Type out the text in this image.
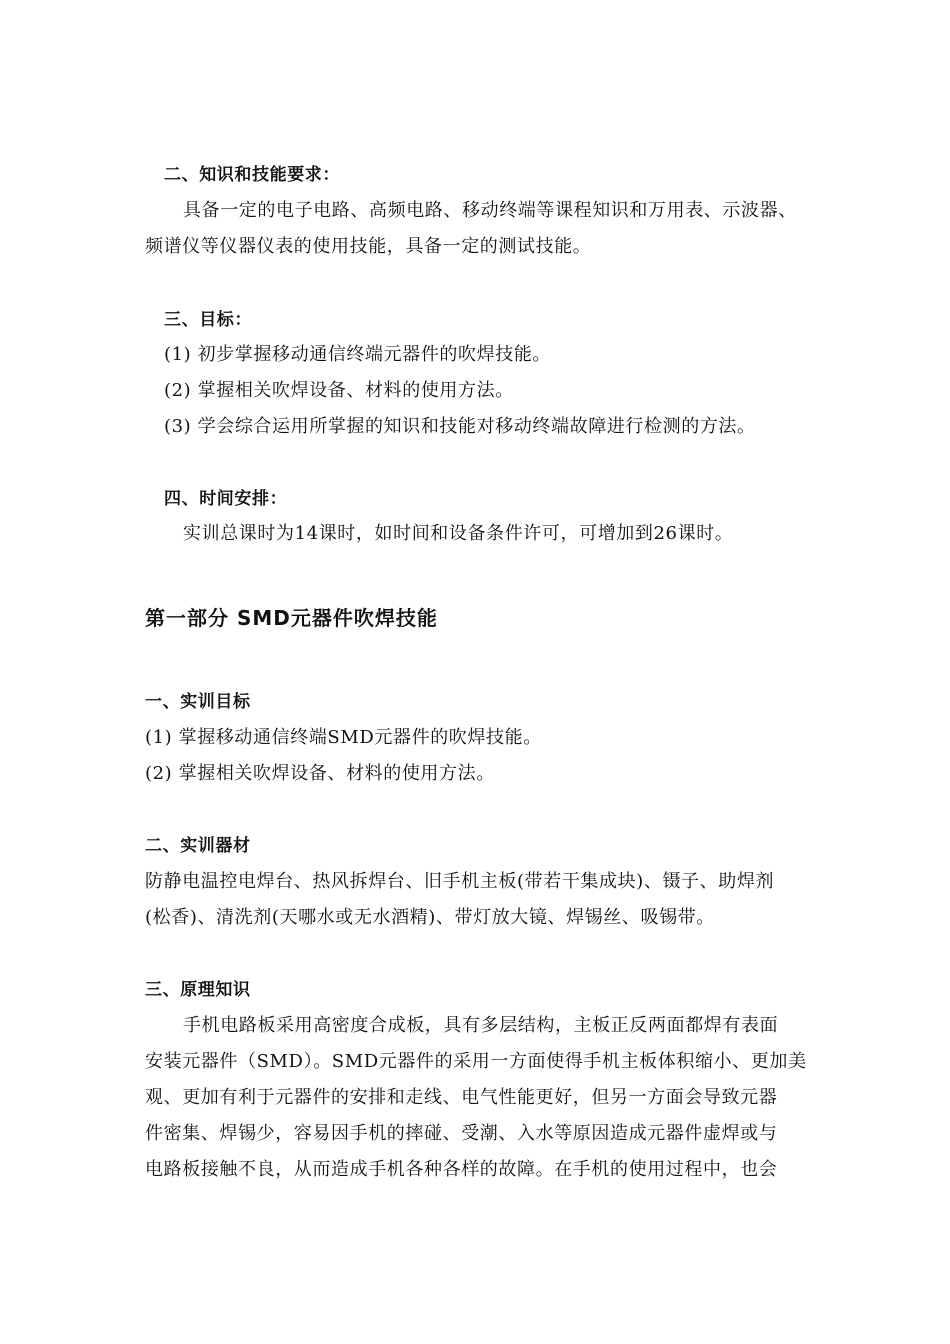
二、知识和技能要求：
具备一定的电子电路、高频电路、移动终端等课程知识和万用表、示波器、
频谱仪等仪器仪表的使用技能，具备一定的测试技能。
三、目标：
(1) 初步掌握移动通信终端元器件的吹焊技能。
(2) 掌握相关吹焊设备、材料的使用方法。
(3) 学会综合运用所掌握的知识和技能对移动终端故障进行检测的方法。
四、时间安排：
实训总课时为14课时，如时间和设备条件许可，可增加到26课时。
第一部分 SMD元器件吹焊技能
一、实训目标
(1) 掌握移动通信终端SMD元器件的吹焊技能。
(2) 掌握相关吹焊设备、材料的使用方法。
二、实训器材
防静电温控电焊台、热风拆焊台、旧手机主板(带若干集成块)、镊子、助焊剂
(松香)、清洗剂(天哪水或无水酒精)、带灯放大镜、焊锡丝、吸锡带。
三、原理知识
手机电路板采用高密度合成板，具有多层结构，主板正反两面都焊有表面
安装元器件（SMD）。SMD元器件的采用一方面使得手机主板体积缩小、更加美
观、更加有利于元器件的安排和走线、电气性能更好，但另一方面会导致元器
件密集、焊锡少，容易因手机的摔碰、受潮、入水等原因造成元器件虚焊或与
电路板接触不良，从而造成手机各种各样的故障。在手机的使用过程中，也会
